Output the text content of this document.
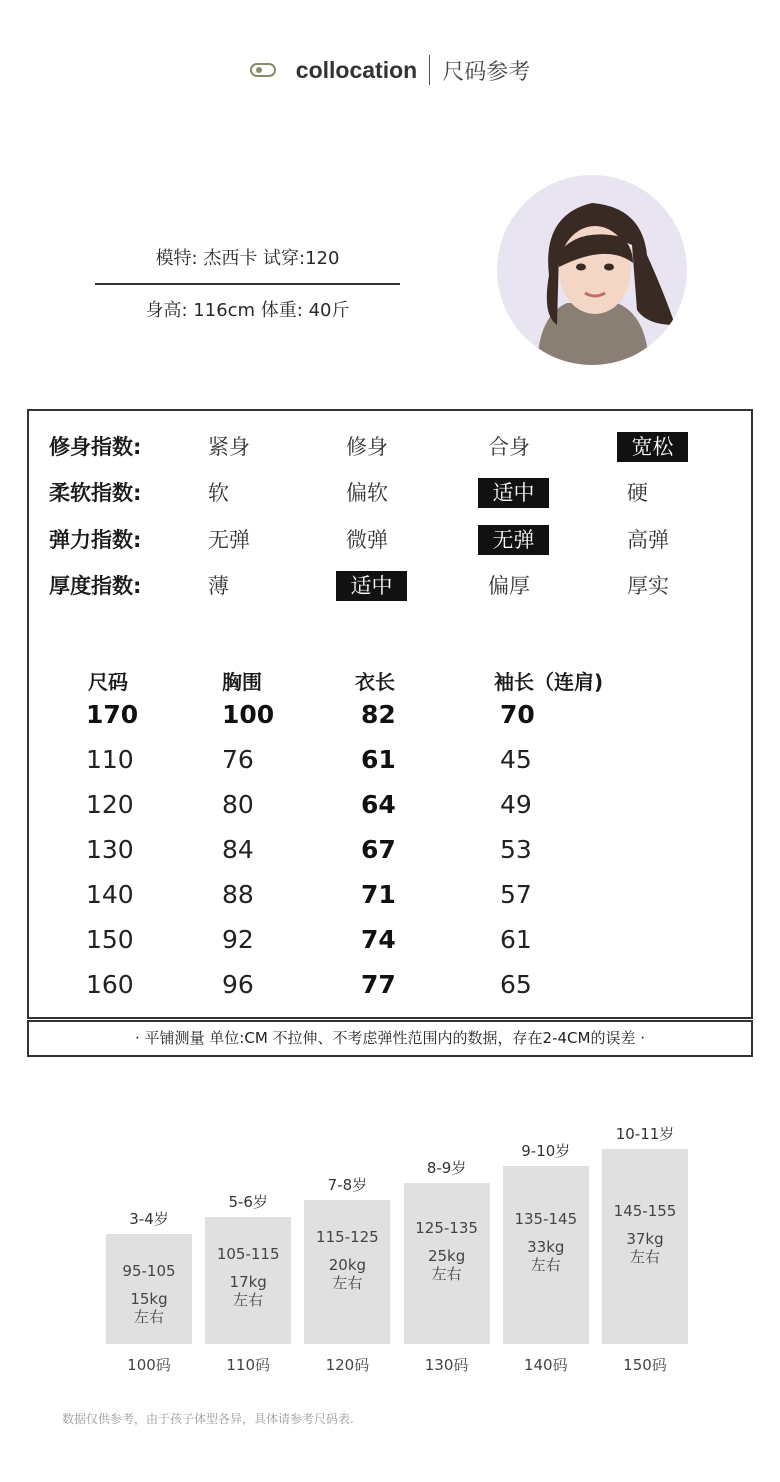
collocation 尺码参考
模特: 杰西卡 试穿:120
身高: 116cm 体重: 40斤
修身指数:	紧身	修身	合身	宽松
柔软指数:	软	偏软	适中	硬
弹力指数:	无弹	微弹	无弹	高弹
厚度指数:	薄	适中	偏厚	厚实
尺码	胸围	衣长	袖长（连肩)
170	100	82	70
110	76	61	45
120	80	64	49
130	84	67	53
140	88	71	57
150	92	74	61
160	96	77	65
· 平铺测量 单位:CM 不拉伸、不考虑弹性范围内的数据，存在2-4CM的误差 ·
3-4岁
95-105
15kg
左右
100码
5-6岁
105-115
17kg
左右
110码
7-8岁
115-125
20kg
左右
120码
8-9岁
125-135
25kg
左右
130码
9-10岁
135-145
33kg
左右
140码
10-11岁
145-155
37kg
左右
150码
数据仅供参考，由于孩子体型各异，具体请参考尺码表.
